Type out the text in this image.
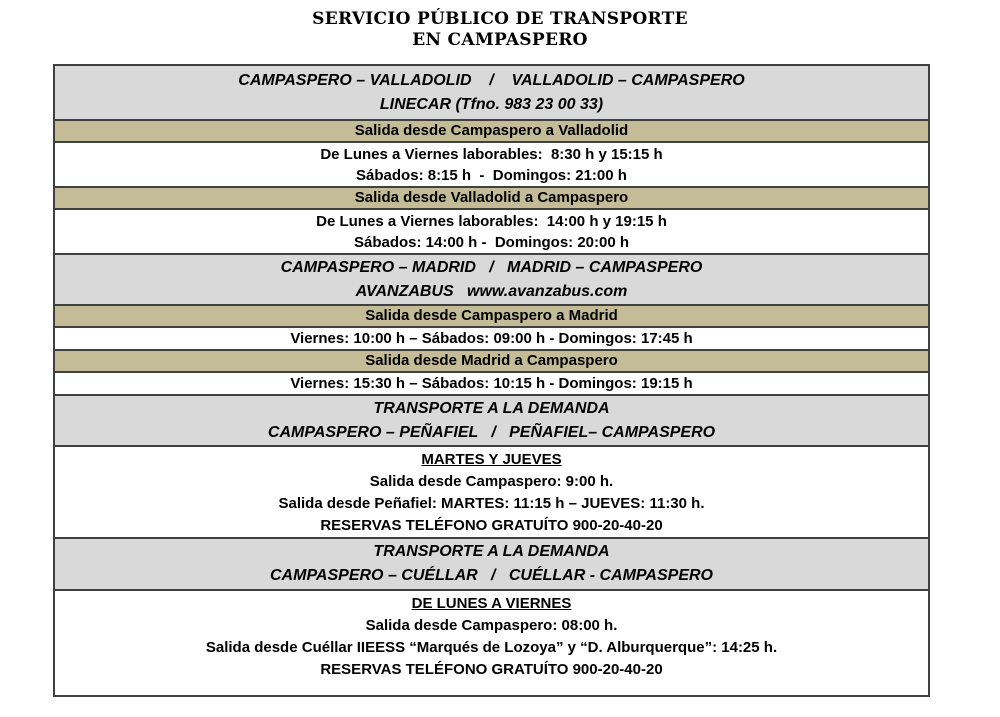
SERVICIO PÚBLICO DE TRANSPORTE
EN CAMPASPERO
CAMPASPERO – VALLADOLID    /    VALLADOLID – CAMPASPERO
LINECAR (Tfno. 983 23 00 33)
Salida desde Campaspero a Valladolid
De Lunes a Viernes laborables:  8:30 h y 15:15 h
Sábados: 8:15 h  -  Domingos: 21:00 h
Salida desde Valladolid a Campaspero
De Lunes a Viernes laborables:  14:00 h y 19:15 h
Sábados: 14:00 h -  Domingos: 20:00 h
CAMPASPERO – MADRID   /   MADRID – CAMPASPERO
AVANZABUS   www.avanzabus.com
Salida desde Campaspero a Madrid
Viernes: 10:00 h – Sábados: 09:00 h - Domingos: 17:45 h
Salida desde Madrid a Campaspero
Viernes: 15:30 h – Sábados: 10:15 h - Domingos: 19:15 h
TRANSPORTE A LA DEMANDA
CAMPASPERO – PEÑAFIEL   /   PEÑAFIEL– CAMPASPERO
MARTES Y JUEVES
Salida desde Campaspero: 9:00 h.
Salida desde Peñafiel: MARTES: 11:15 h – JUEVES: 11:30 h.
RESERVAS TELÉFONO GRATUÍTO 900-20-40-20
TRANSPORTE A LA DEMANDA
CAMPASPERO – CUÉLLAR   /   CUÉLLAR - CAMPASPERO
DE LUNES A VIERNES
Salida desde Campaspero: 08:00 h.
Salida desde Cuéllar IIEESS “Marqués de Lozoya” y “D. Alburquerque”: 14:25 h.
RESERVAS TELÉFONO GRATUÍTO 900-20-40-20
